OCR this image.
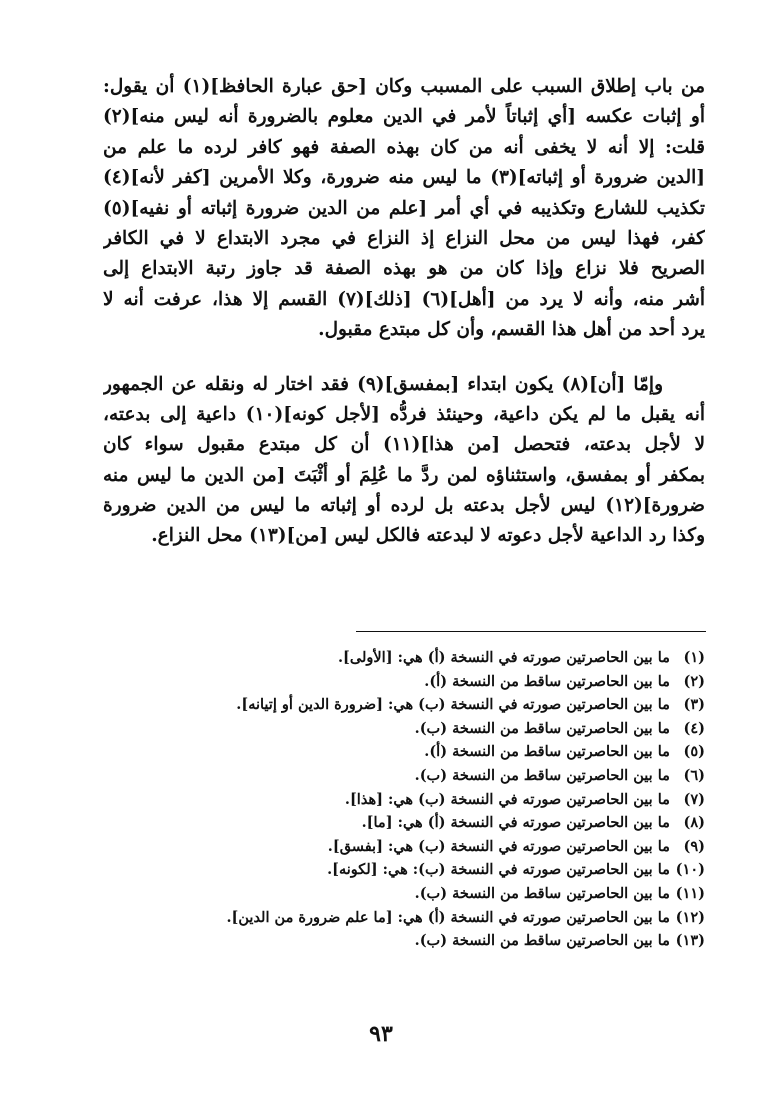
من باب إطلاق السبب على المسبب وكان [حق عبارة الحافظ](١) أن يقول:
أو إثبات عكسه [أي إثباتاً لأمر في الدين معلوم بالضرورة أنه ليس منه](٢)
قلت: إلا أنه لا يخفى أنه من كان بهذه الصفة فهو كافر لرده ما علم من
[الدين ضرورة أو إثباته](٣) ما ليس منه ضرورة، وكلا الأمرين [كفر لأنه](٤)
تكذيب للشارع وتكذيبه في أي أمر [علم من الدين ضرورة إثباته أو نفيه](٥)
كفر، فهذا ليس من محل النزاع إذ النزاع في مجرد الابتداع لا في الكافر
الصريح فلا نزاع وإذا كان من هو بهذه الصفة قد جاوز رتبة الابتداع إلى
أشر منه، وأنه لا يرد من [أهل](٦) [ذلك](٧) القسم إلا هذا، عرفت أنه لا
يرد أحد من أهل هذا القسم، وأن كل مبتدع مقبول.

وإمّا [أن](٨) يكون ابتداء [بمفسق](٩) فقد اختار له ونقله عن الجمهور
أنه يقبل ما لم يكن داعية، وحينئذ فردُّه [لأجل كونه](١٠) داعية إلى بدعته،
لا لأجل بدعته، فتحصل [من هذا](١١) أن كل مبتدع مقبول سواء كان
بمكفر أو بمفسق، واستثناؤه لمن ردَّ ما عُلِمَ أو أثْبَتَ [من الدين ما ليس منه
ضرورة](١٢) ليس لأجل بدعته بل لرده أو إثباته ما ليس من الدين ضرورة
وكذا رد الداعية لأجل دعوته لا لبدعته فالكل ليس [من](١٣) محل النزاع.

(١) ما بين الحاصرتين صورته في النسخة (أ) هي: [الأولى].
(٢) ما بين الحاصرتين ساقط من النسخة (أ).
(٣) ما بين الحاصرتين صورته في النسخة (ب) هي: [ضرورة الدين أو إتيانه].
(٤) ما بين الحاصرتين ساقط من النسخة (ب).
(٥) ما بين الحاصرتين ساقط من النسخة (أ).
(٦) ما بين الحاصرتين ساقط من النسخة (ب).
(٧) ما بين الحاصرتين صورته في النسخة (ب) هي: [هذا].
(٨) ما بين الحاصرتين صورته في النسخة (أ) هي: [ما].
(٩) ما بين الحاصرتين صورته في النسخة (ب) هي: [بفسق].
(١٠) ما بين الحاصرتين صورته في النسخة (ب): هي: [لكونه].
(١١) ما بين الحاصرتين ساقط من النسخة (ب).
(١٢) ما بين الحاصرتين صورته في النسخة (أ) هي: [ما علم ضرورة من الدين].
(١٣) ما بين الحاصرتين ساقط من النسخة (ب).
٩٣
